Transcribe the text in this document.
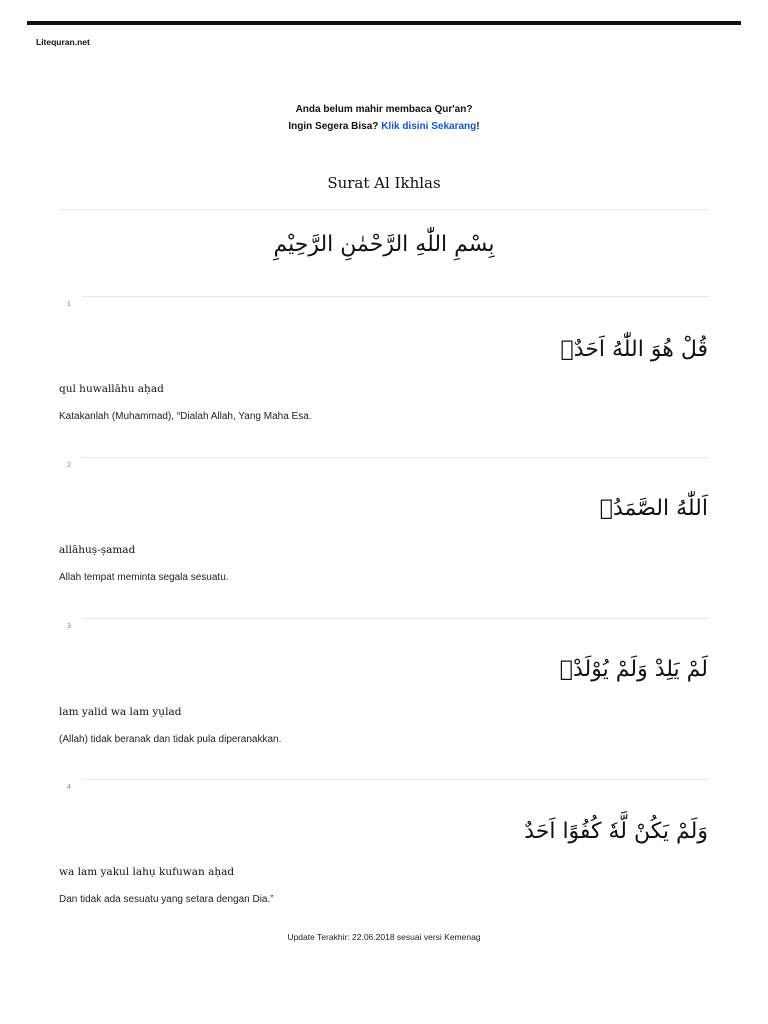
Litequran.net
Anda belum mahir membaca Qur'an?
Ingin Segera Bisa? Klik disini Sekarang!
Surat Al Ikhlas
بِسْمِ اللّٰهِ الرَّحْمٰنِ الرَّحِيْمِ
1
قُلْ هُوَ اللّٰهُ اَحَدٌۚ
qul huwallāhu aḥad
Katakanlah (Muhammad), “Dialah Allah, Yang Maha Esa.
2
اَللّٰهُ الصَّمَدُۚ
allāhuṣ-ṣamad
Allah tempat meminta segala sesuatu.
3
لَمْ يَلِدْ وَلَمْ يُوْلَدْۙ
lam yalid wa lam yụlad
(Allah) tidak beranak dan tidak pula diperanakkan.
4
وَلَمْ يَكُنْ لَّهٗ كُفُوًا اَحَدٌ
wa lam yakul lahụ kufuwan aḥad
Dan tidak ada sesuatu yang setara dengan Dia.”
Update Terakhir: 22.06.2018 sesuai versi Kemenag
